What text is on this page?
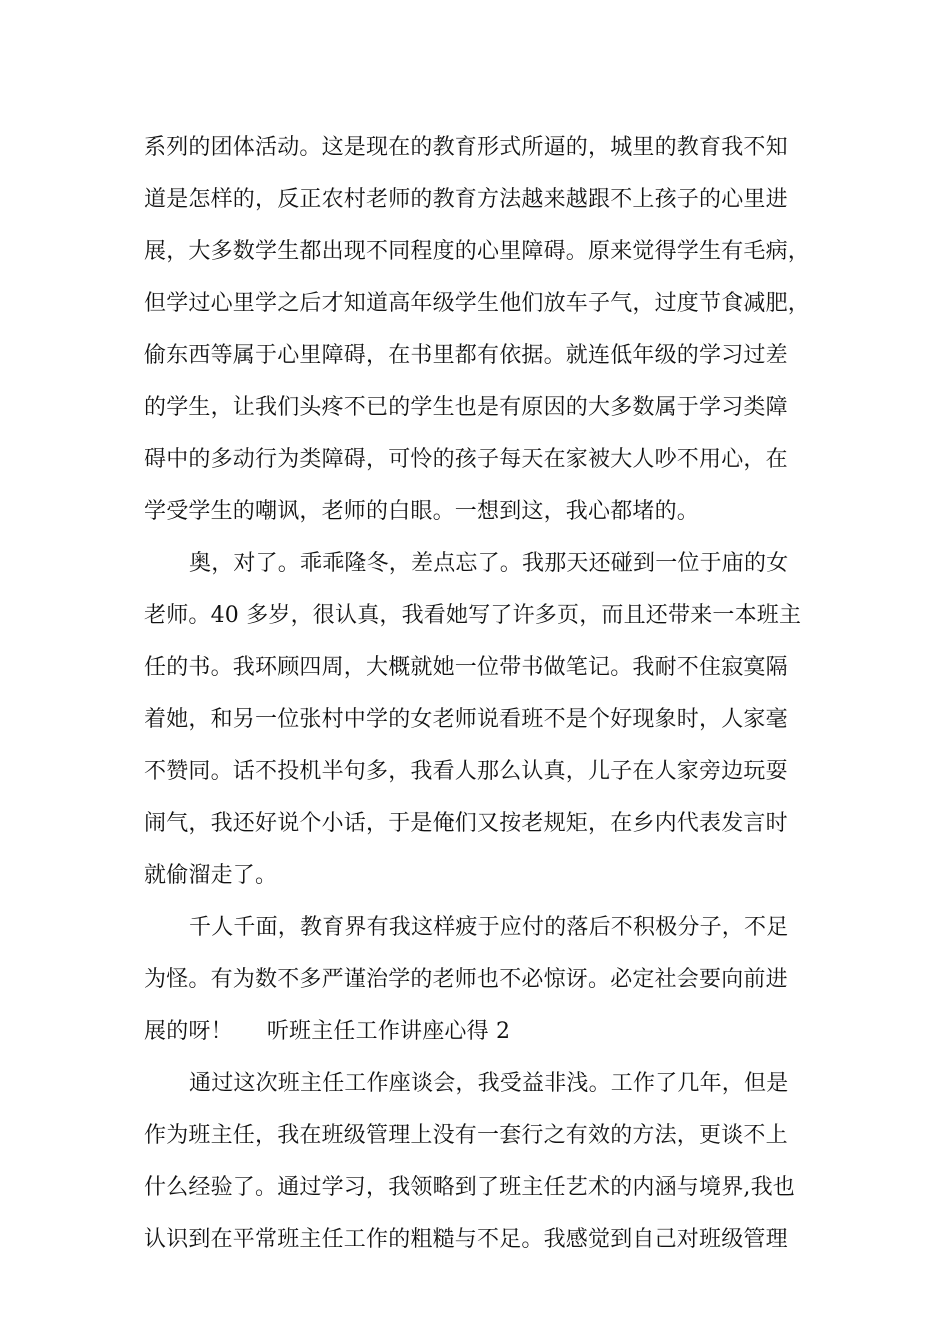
系列的团体活动。这是现在的教育形式所逼的，城里的教育我不知
道是怎样的，反正农村老师的教育方法越来越跟不上孩子的心里进
展，大多数学生都出现不同程度的心里障碍。原来觉得学生有毛病，
但学过心里学之后才知道高年级学生他们放车子气，过度节食减肥，
偷东西等属于心里障碍，在书里都有依据。就连低年级的学习过差
的学生，让我们头疼不已的学生也是有原因的大多数属于学习类障
碍中的多动行为类障碍，可怜的孩子每天在家被大人吵不用心，在
学受学生的嘲讽，老师的白眼。一想到这，我心都堵的。
奥，对了。乖乖隆冬，差点忘了。我那天还碰到一位于庙的女
老师。40 多岁，很认真，我看她写了许多页，而且还带来一本班主
任的书。我环顾四周，大概就她一位带书做笔记。我耐不住寂寞隔
着她，和另一位张村中学的女老师说看班不是个好现象时，人家毫
不赞同。话不投机半句多，我看人那么认真，儿子在人家旁边玩耍
闹气，我还好说个小话，于是俺们又按老规矩，在乡内代表发言时
就偷溜走了。
千人千面，教育界有我这样疲于应付的落后不积极分子，不足
为怪。有为数不多严谨治学的老师也不必惊讶。必定社会要向前进
展的呀！ 听班主任工作讲座心得 2
通过这次班主任工作座谈会，我受益非浅。工作了几年，但是
作为班主任，我在班级管理上没有一套行之有效的方法，更谈不上
什么经验了。通过学习，我领略到了班主任艺术的内涵与境界,我也
认识到在平常班主任工作的粗糙与不足。我感觉到自己对班级管理
